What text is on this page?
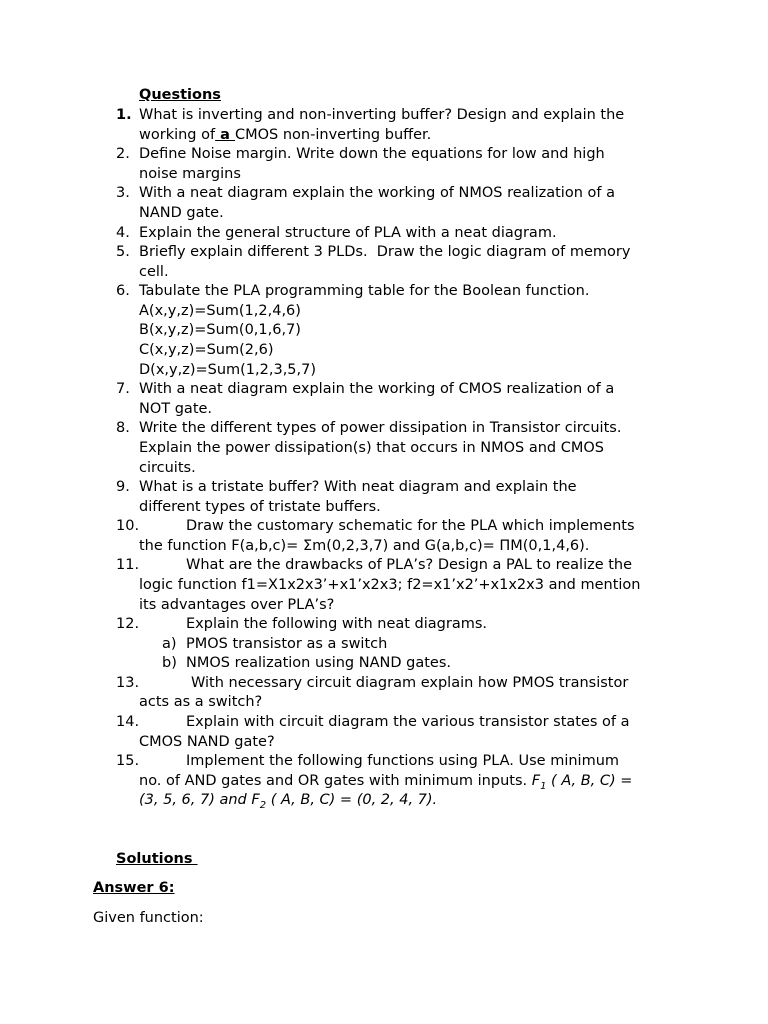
Questions
1. What is inverting and non-inverting buffer? Design and explain the
working of a CMOS non-inverting buffer.
2. Define Noise margin. Write down the equations for low and high
noise margins
3. With a neat diagram explain the working of NMOS realization of a
NAND gate.
4. Explain the general structure of PLA with a neat diagram.
5. Briefly explain different 3 PLDs.  Draw the logic diagram of memory
cell.
6. Tabulate the PLA programming table for the Boolean function.
A(x,y,z)=Sum(1,2,4,6)
B(x,y,z)=Sum(0,1,6,7)
C(x,y,z)=Sum(2,6)
D(x,y,z)=Sum(1,2,3,5,7)
7. With a neat diagram explain the working of CMOS realization of a
NOT gate.
8. Write the different types of power dissipation in Transistor circuits.
Explain the power dissipation(s) that occurs in NMOS and CMOS
circuits.
9. What is a tristate buffer? With neat diagram and explain the
different types of tristate buffers.
10.	Draw the customary schematic for the PLA which implements
the function F(a,b,c)= Σm(0,2,3,7) and G(a,b,c)= ΠM(0,1,4,6).
11.	What are the drawbacks of PLA’s? Design a PAL to realize the
logic function f1=X1x2x3’+x1’x2x3; f2=x1’x2’+x1x2x3 and mention
its advantages over PLA’s?
12.	Explain the following with neat diagrams.
a) PMOS transistor as a switch
b) NMOS realization using NAND gates.
13.	With necessary circuit diagram explain how PMOS transistor
acts as a switch?
14.	Explain with circuit diagram the various transistor states of a
CMOS NAND gate?
15.	Implement the following functions using PLA. Use minimum
no. of AND gates and OR gates with minimum inputs. $F_1$ ( A, B, C) =
(3, 5, 6, 7) and $F_2$ ( A, B, C) = (0, 2, 4, 7).
Solutions
Answer 6:
Given function:
